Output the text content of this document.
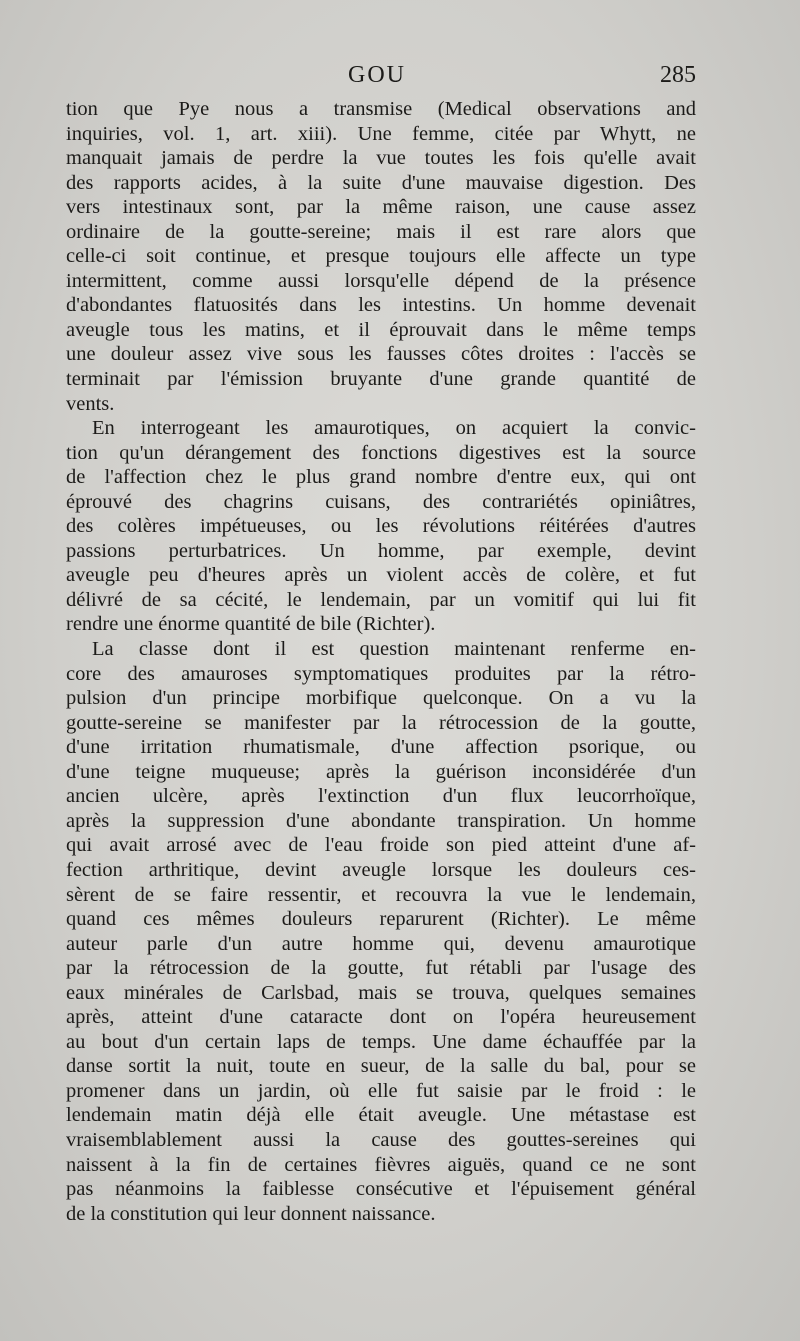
GOU	285
tion que Pye nous a transmise (Medical observations and
inquiries, vol. 1, art. xiii). Une femme, citée par Whytt, ne
manquait jamais de perdre la vue toutes les fois qu'elle avait
des rapports acides, à la suite d'une mauvaise digestion. Des
vers intestinaux sont, par la même raison, une cause assez
ordinaire de la goutte-sereine; mais il est rare alors que
celle-ci soit continue, et presque toujours elle affecte un type
intermittent, comme aussi lorsqu'elle dépend de la présence
d'abondantes flatuosités dans les intestins. Un homme devenait
aveugle tous les matins, et il éprouvait dans le même temps
une douleur assez vive sous les fausses côtes droites : l'accès se
terminait par l'émission bruyante d'une grande quantité de
vents.
En interrogeant les amaurotiques, on acquiert la convic-
tion qu'un dérangement des fonctions digestives est la source
de l'affection chez le plus grand nombre d'entre eux, qui ont
éprouvé des chagrins cuisans, des contrariétés opiniâtres,
des colères impétueuses, ou les révolutions réitérées d'autres
passions perturbatrices. Un homme, par exemple, devint
aveugle peu d'heures après un violent accès de colère, et fut
délivré de sa cécité, le lendemain, par un vomitif qui lui fit
rendre une énorme quantité de bile (Richter).
La classe dont il est question maintenant renferme en-
core des amauroses symptomatiques produites par la rétro-
pulsion d'un principe morbifique quelconque. On a vu la
goutte-sereine se manifester par la rétrocession de la goutte,
d'une irritation rhumatismale, d'une affection psorique, ou
d'une teigne muqueuse; après la guérison inconsidérée d'un
ancien ulcère, après l'extinction d'un flux leucorrhoïque,
après la suppression d'une abondante transpiration. Un homme
qui avait arrosé avec de l'eau froide son pied atteint d'une af-
fection arthritique, devint aveugle lorsque les douleurs ces-
sèrent de se faire ressentir, et recouvra la vue le lendemain,
quand ces mêmes douleurs reparurent (Richter). Le même
auteur parle d'un autre homme qui, devenu amaurotique
par la rétrocession de la goutte, fut rétabli par l'usage des
eaux minérales de Carlsbad, mais se trouva, quelques semaines
après, atteint d'une cataracte dont on l'opéra heureusement
au bout d'un certain laps de temps. Une dame échauffée par la
danse sortit la nuit, toute en sueur, de la salle du bal, pour se
promener dans un jardin, où elle fut saisie par le froid : le
lendemain matin déjà elle était aveugle. Une métastase est
vraisemblablement aussi la cause des gouttes-sereines qui
naissent à la fin de certaines fièvres aiguës, quand ce ne sont
pas néanmoins la faiblesse consécutive et l'épuisement général
de la constitution qui leur donnent naissance.
